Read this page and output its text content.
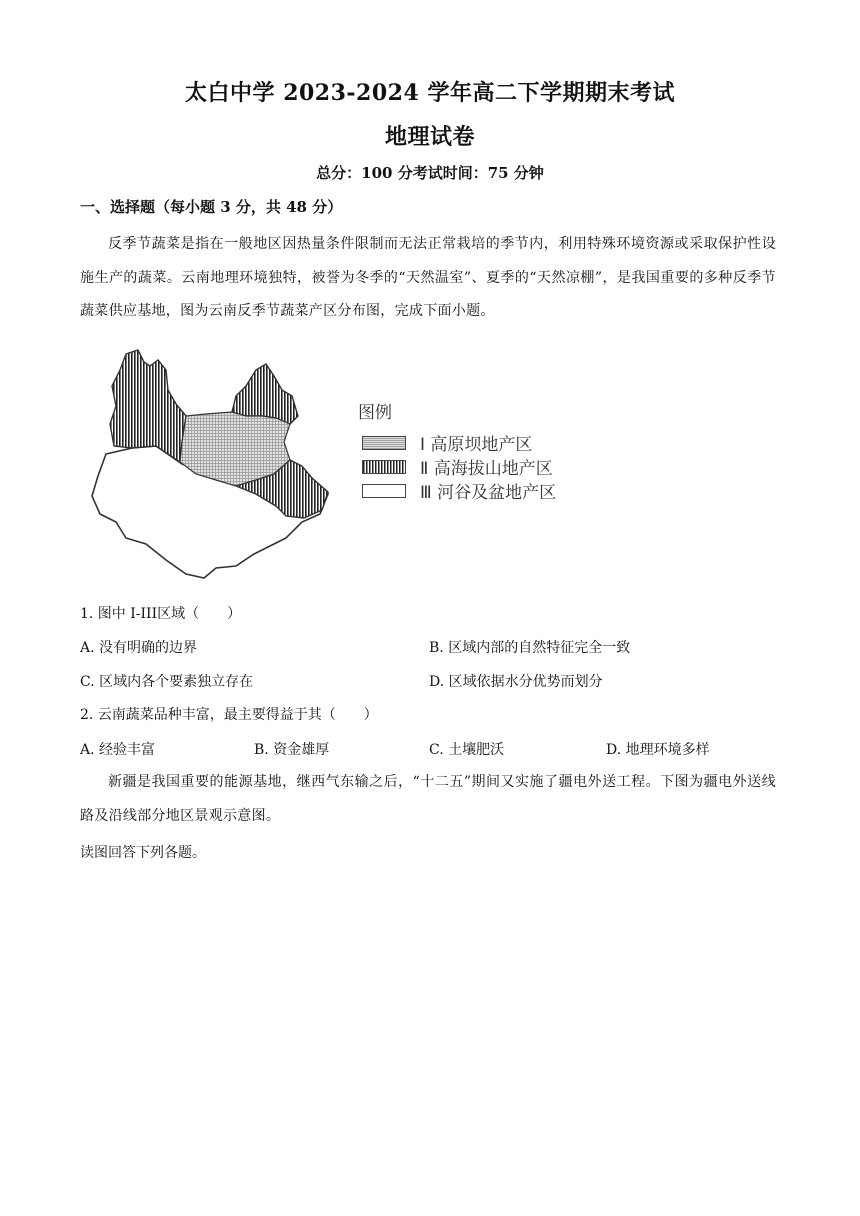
太白中学 2023-2024 学年高二下学期期末考试
地理试卷
总分：100 分考试时间：75 分钟
一、选择题（每小题 3 分，共 48 分）
反季节蔬菜是指在一般地区因热量条件限制而无法正常栽培的季节内，利用特殊环境资源或采取保护性设施生产的蔬菜。云南地理环境独特，被誉为冬季的“天然温室”、夏季的“天然凉棚”，是我国重要的多种反季节蔬菜供应基地，图为云南反季节蔬菜产区分布图，完成下面小题。
图例
Ⅰ 高原坝地产区
Ⅱ 高海拔山地产区
Ⅲ 河谷及盆地产区
1. 图中 I-III区域（　　）
A. 没有明确的边界	B. 区域内部的自然特征完全一致
C. 区域内各个要素独立存在	D. 区域依据水分优势而划分
2. 云南蔬菜品种丰富，最主要得益于其（　　）
A. 经验丰富	B. 资金雄厚	C. 土壤肥沃	D. 地理环境多样
新疆是我国重要的能源基地，继西气东输之后，“十二五”期间又实施了疆电外送工程。下图为疆电外送线路及沿线部分地区景观示意图。
读图回答下列各题。
